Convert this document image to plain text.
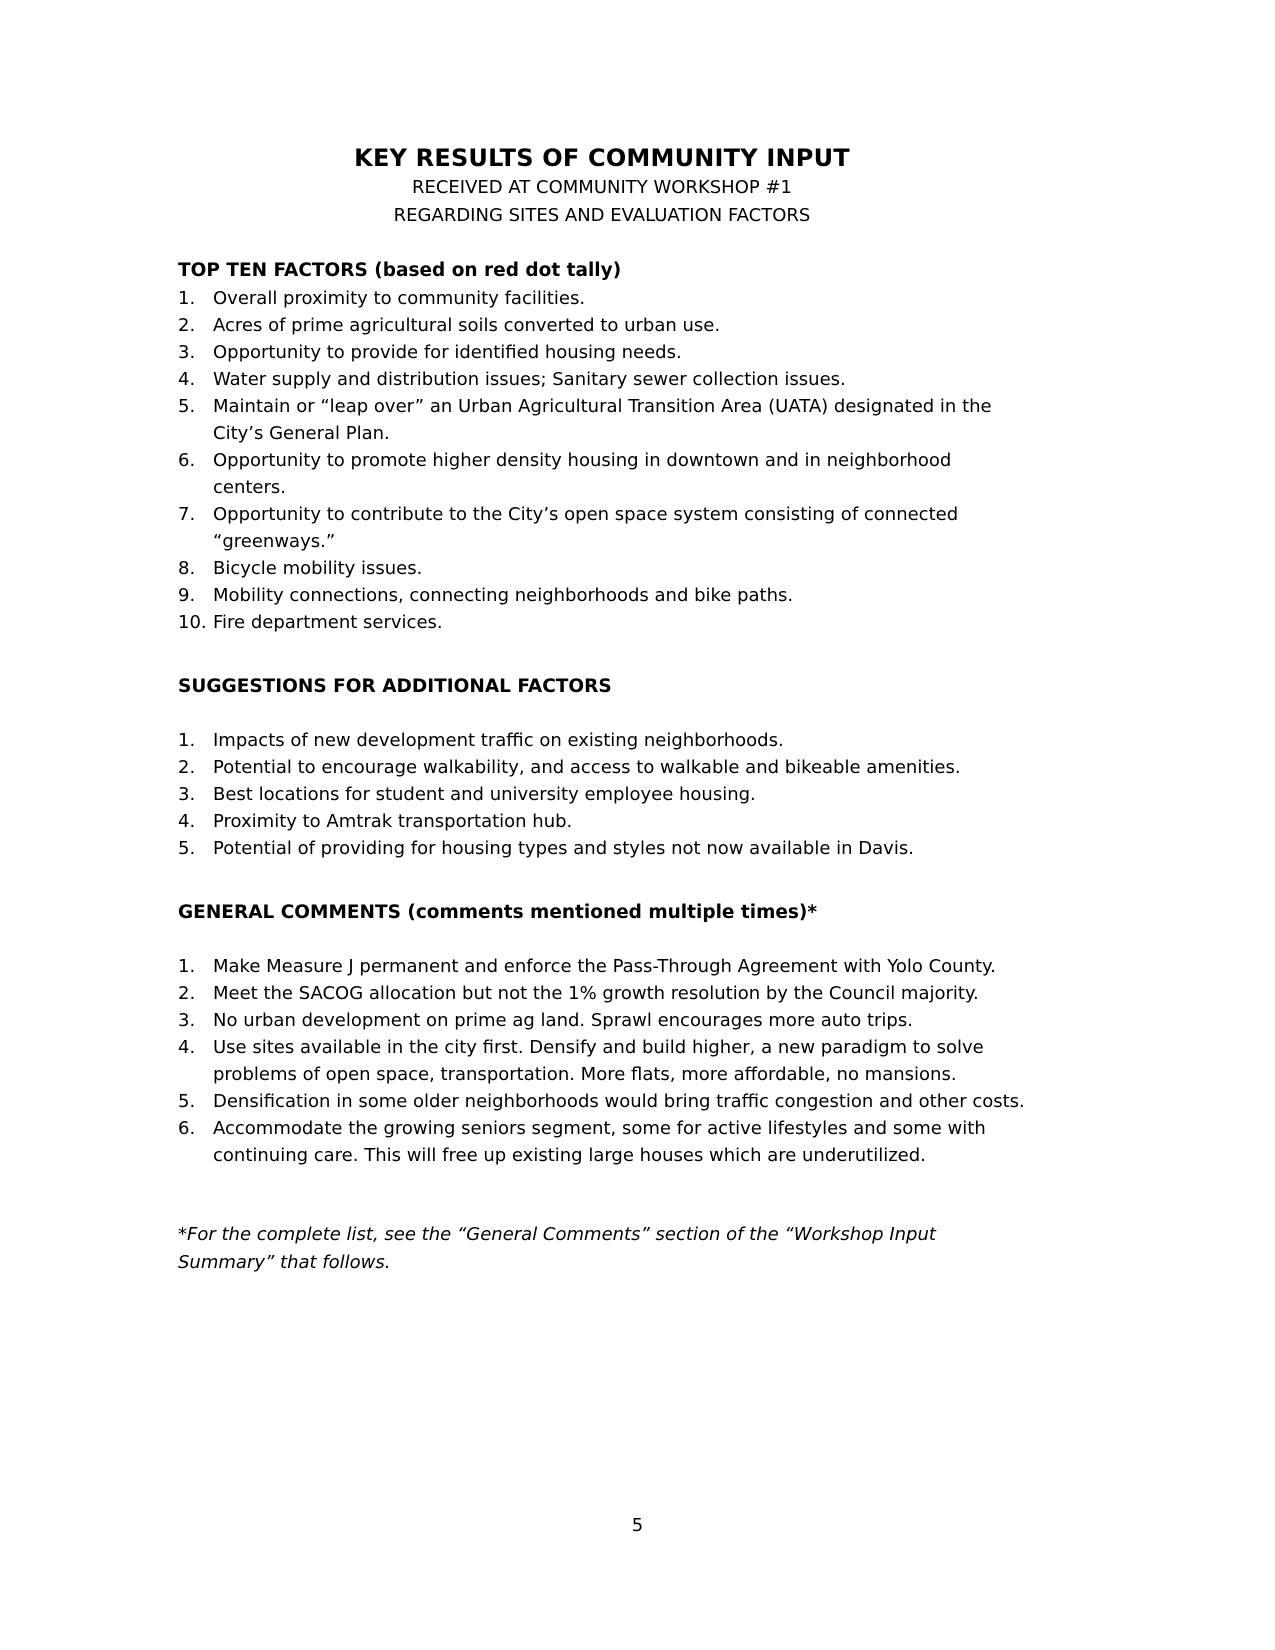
KEY RESULTS OF COMMUNITY INPUT
RECEIVED AT COMMUNITY WORKSHOP #1
REGARDING SITES AND EVALUATION FACTORS
TOP TEN FACTORS (based on red dot tally)
1. Overall proximity to community facilities.
2. Acres of prime agricultural soils converted to urban use.
3. Opportunity to provide for identified housing needs.
4. Water supply and distribution issues; Sanitary sewer collection issues.
5. Maintain or “leap over” an Urban Agricultural Transition Area (UATA) designated in the City’s General Plan.
6. Opportunity to promote higher density housing in downtown and in neighborhood centers.
7. Opportunity to contribute to the City’s open space system consisting of connected “greenways.”
8. Bicycle mobility issues.
9. Mobility connections, connecting neighborhoods and bike paths.
10. Fire department services.
SUGGESTIONS FOR ADDITIONAL FACTORS
1. Impacts of new development traffic on existing neighborhoods.
2. Potential to encourage walkability, and access to walkable and bikeable amenities.
3. Best locations for student and university employee housing.
4. Proximity to Amtrak transportation hub.
5. Potential of providing for housing types and styles not now available in Davis.
GENERAL COMMENTS (comments mentioned multiple times)*
1. Make Measure J permanent and enforce the Pass-Through Agreement with Yolo County.
2. Meet the SACOG allocation but not the 1% growth resolution by the Council majority.
3. No urban development on prime ag land. Sprawl encourages more auto trips.
4. Use sites available in the city first. Densify and build higher, a new paradigm to solve problems of open space, transportation. More flats, more affordable, no mansions.
5. Densification in some older neighborhoods would bring traffic congestion and other costs.
6. Accommodate the growing seniors segment, some for active lifestyles and some with continuing care. This will free up existing large houses which are underutilized.

*For the complete list, see the “General Comments” section of the “Workshop Input Summary” that follows.

5
